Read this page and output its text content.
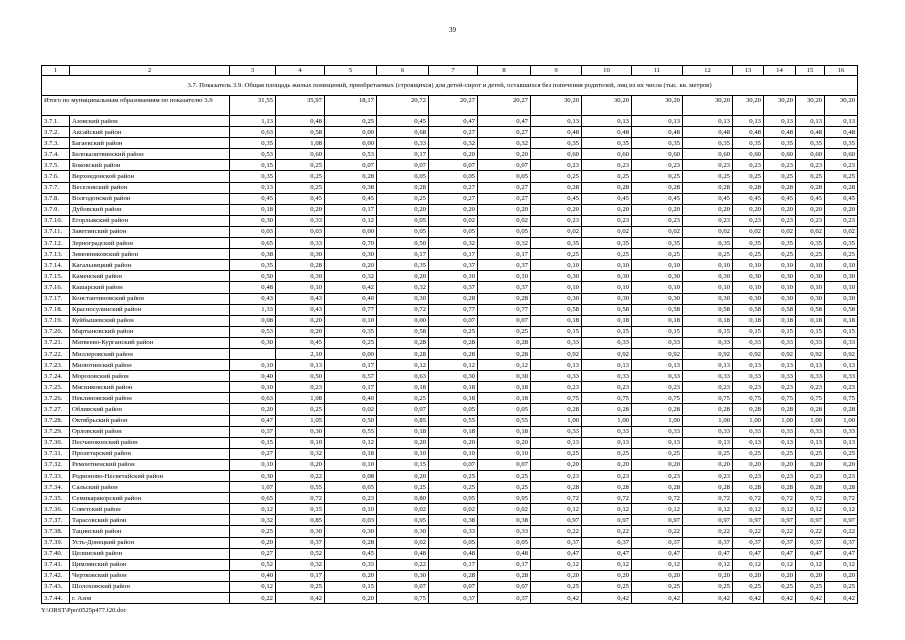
39
1	2	3	4	5	6	7	8	9	10	11	12	13	14	15	16
3.7. Показатель 3.9. Общая площадь жилых помещений, приобретаемых (строящихся) для детей-сирот и детей, оставшихся без попечения родителей, лиц из их числа (тыс. кв. метров)															
Итого по муниципальным образованиям по показателю 3.9		31,55	35,97	18,17	20,72	20,27	20,27	30,20	30,20	30,20	30,20	30,20	30,20	30,20	30,20
3.7.1.	Азовский район	1,13	0,48	0,25	0,45	0,47	0,47	0,13	0,13	0,13	0,13	0,13	0,13	0,13	0,13
3.7.2.	Аксайский район	0,63	0,58	0,00	0,68	0,27	0,27	0,48	0,48	0,48	0,48	0,48	0,48	0,48	0,48
3.7.3.	Багаевский район	0,35	1,08	0,00	0,33	0,32	0,32	0,35	0,35	0,35	0,35	0,35	0,35	0,35	0,35
3.7.4.	Белокалитвинский район	0,53	0,60	0,53	0,17	0,20	0,20	0,60	0,60	0,60	0,60	0,60	0,60	0,60	0,60
3.7.5.	Боковский район	0,15	0,25	0,07	0,07	0,07	0,07	0,23	0,23	0,23	0,23	0,23	0,23	0,23	0,23
3.7.6.	Верхнедонской район	0,35	0,25	0,28	0,05	0,05	0,05	0,25	0,25	0,25	0,25	0,25	0,25	0,25	0,25
3.7.7.	Веселовский район	0,13	0,25	0,38	0,28	0,27	0,27	0,28	0,28	0,28	0,28	0,28	0,28	0,28	0,28
3.7.8.	Волгодонской район	0,45	0,45	0,45	0,25	0,27	0,27	0,45	0,45	0,45	0,45	0,45	0,45	0,45	0,45
3.7.9.	Дубовский район	0,18	0,20	0,17	0,20	0,20	0,20	0,20	0,20	0,20	0,20	0,20	0,20	0,20	0,20
3.7.10.	Егорлыкский район	0,30	0,33	0,12	0,05	0,02	0,02	0,23	0,23	0,23	0,23	0,23	0,23	0,23	0,23
3.7.11.	Заветинский район	0,03	0,03	0,00	0,05	0,05	0,05	0,02	0,02	0,02	0,02	0,02	0,02	0,02	0,02
3.7.12.	Зерноградский район	0,65	0,33	0,70	0,50	0,32	0,32	0,35	0,35	0,35	0,35	0,35	0,35	0,35	0,35
3.7.13.	Зимовниковский район	0,38	0,30	0,30	0,17	0,17	0,17	0,25	0,25	0,25	0,25	0,25	0,25	0,25	0,25
3.7.14.	Кагальницкий район	0,35	0,28	0,20	0,35	0,37	0,37	0,10	0,10	0,10	0,10	0,10	0,10	0,10	0,10
3.7.15.	Каменский район	0,50	0,30	0,32	0,20	0,10	0,10	0,30	0,30	0,30	0,30	0,30	0,30	0,30	0,30
3.7.16.	Кашарский район	0,48	0,10	0,42	0,32	0,37	0,37	0,10	0,10	0,10	0,10	0,10	0,10	0,10	0,10
3.7.17.	Константиновский район	0,43	0,43	0,40	0,30	0,28	0,28	0,30	0,30	0,30	0,30	0,30	0,30	0,30	0,30
3.7.18.	Красносулинский район	1,33	0,43	0,77	0,72	0,77	0,77	0,58	0,58	0,58	0,58	0,58	0,58	0,58	0,58
3.7.19.	Куйбышевский район	0,08	0,20	0,10	0,00	0,07	0,07	0,18	0,18	0,18	0,18	0,18	0,18	0,18	0,18
3.7.20.	Мартыновский район	0,53	0,20	0,35	0,58	0,25	0,25	0,15	0,15	0,15	0,15	0,15	0,15	0,15	0,15
3.7.21.	Матвеево-Курганский район	0,30	0,45	0,25	0,28	0,28	0,28	0,33	0,33	0,33	0,33	0,33	0,33	0,33	0,33
3.7.22.	Миллеровский район		2,10	0,00	0,28	0,28	0,28	0,92	0,92	0,92	0,92	0,92	0,92	0,92	0,92
3.7.23.	Милютинский район	0,10	0,13	0,17	0,12	0,12	0,12	0,13	0,13	0,13	0,13	0,13	0,13	0,13	0,13
3.7.24.	Морозовский район	0,40	0,50	0,57	0,63	0,30	0,30	0,33	0,33	0,33	0,33	0,33	0,33	0,33	0,33
3.7.25.	Мясниковский район	0,10	0,23	0,17	0,18	0,18	0,18	0,23	0,23	0,23	0,23	0,23	0,23	0,23	0,23
3.7.26.	Неклиновский район	0,63	1,08	0,40	0,25	0,18	0,18	0,75	0,75	0,75	0,75	0,75	0,75	0,75	0,75
3.7.27.	Обливский район	0,20	0,25	0,02	0,07	0,05	0,05	0,28	0,28	0,28	0,28	0,28	0,28	0,28	0,28
3.7.28.	Октябрьский район	0,47	1,05	0,50	0,85	0,55	0,55	1,00	1,00	1,00	1,00	1,00	1,00	1,00	1,00
3.7.29.	Орловский район	0,37	0,30	0,55	0,18	0,18	0,18	0,33	0,33	0,33	0,33	0,33	0,33	0,33	0,33
3.7.30.	Песчанокопский район	0,15	0,10	0,12	0,20	0,20	0,20	0,13	0,13	0,13	0,13	0,13	0,13	0,13	0,13
3.7.31.	Пролетарский район	0,27	0,32	0,18	0,10	0,10	0,10	0,25	0,25	0,25	0,25	0,25	0,25	0,25	0,25
3.7.32.	Ремонтненский район	0,10	0,20	0,10	0,15	0,07	0,07	0,20	0,20	0,20	0,20	0,20	0,20	0,20	0,20
3.7.33.	Родионово-Несветайский район	0,30	0,22	0,08	0,20	0,25	0,25	0,23	0,23	0,23	0,23	0,23	0,23	0,23	0,23
3.7.34.	Сальский район	1,07	0,55	0,65	0,25	0,25	0,25	0,28	0,28	0,28	0,28	0,28	0,28	0,28	0,28
3.7.35.	Семикаракорский район	0,65	0,72	0,23	0,80	0,95	0,95	0,72	0,72	0,72	0,72	0,72	0,72	0,72	0,72
3.7.36.	Советский район	0,12	0,15	0,10	0,02	0,02	0,02	0,12	0,12	0,12	0,12	0,12	0,12	0,12	0,12
3.7.37.	Тарасовский район	0,32	0,85	0,03	0,95	0,38	0,38	0,97	0,97	0,97	0,97	0,97	0,97	0,97	0,97
3.7.38.	Тацинский район	0,25	0,30	0,30	0,30	0,33	0,33	0,22	0,22	0,22	0,22	0,22	0,22	0,22	0,22
3.7.39.	Усть-Донецкий район	0,20	0,37	0,28	0,02	0,05	0,05	0,37	0,37	0,37	0,37	0,37	0,37	0,37	0,37
3.7.40.	Целинский район	0,27	0,52	0,45	0,48	0,48	0,48	0,47	0,47	0,47	0,47	0,47	0,47	0,47	0,47
3.7.41.	Цимлянский район	0,52	0,32	0,33	0,22	0,17	0,17	0,12	0,12	0,12	0,12	0,12	0,12	0,12	0,12
3.7.42.	Чертковский район	0,40	0,17	0,20	0,30	0,28	0,28	0,20	0,20	0,20	0,20	0,20	0,20	0,20	0,20
3.7.43.	Шолоховский район	0,12	0,25	0,15	0,07	0,07	0,07	0,25	0,25	0,25	0,25	0,25	0,25	0,25	0,25
3.7.44.	г. Азов	0,22	0,42	0,20	0,75	0,37	0,37	0,42	0,42	0,42	0,42	0,42	0,42	0,42	0,42
Y:\ORST\Ppo\0525p477.f20.doc
